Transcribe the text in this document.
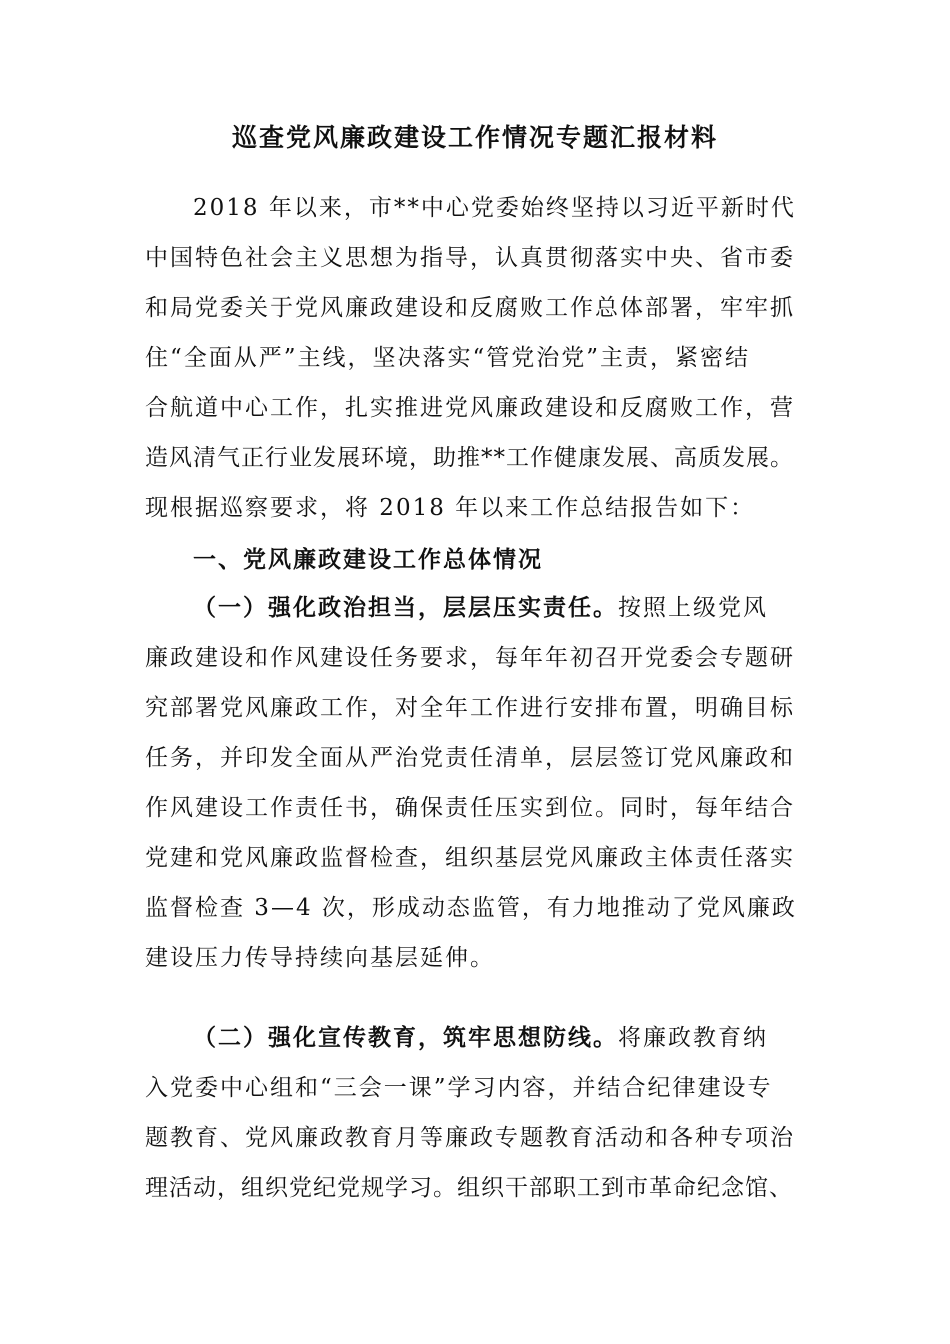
巡查党风廉政建设工作情况专题汇报材料
2018 年以来，市**中心党委始终坚持以习近平新时代
中国特色社会主义思想为指导，认真贯彻落实中央、省市委
和局党委关于党风廉政建设和反腐败工作总体部署，牢牢抓
住“全面从严”主线，坚决落实“管党治党”主责，紧密结
合航道中心工作，扎实推进党风廉政建设和反腐败工作，营
造风清气正行业发展环境，助推**工作健康发展、高质发展。
现根据巡察要求，将 2018 年以来工作总结报告如下：
一、党风廉政建设工作总体情况
（一）强化政治担当，层层压实责任。按照上级党风
廉政建设和作风建设任务要求，每年年初召开党委会专题研
究部署党风廉政工作，对全年工作进行安排布置，明确目标
任务，并印发全面从严治党责任清单，层层签订党风廉政和
作风建设工作责任书，确保责任压实到位。同时，每年结合
党建和党风廉政监督检查，组织基层党风廉政主体责任落实
监督检查 3—4 次，形成动态监管，有力地推动了党风廉政
建设压力传导持续向基层延伸。
（二）强化宣传教育，筑牢思想防线。将廉政教育纳
入党委中心组和“三会一课”学习内容，并结合纪律建设专
题教育、党风廉政教育月等廉政专题教育活动和各种专项治
理活动，组织党纪党规学习。组织干部职工到市革命纪念馆、
